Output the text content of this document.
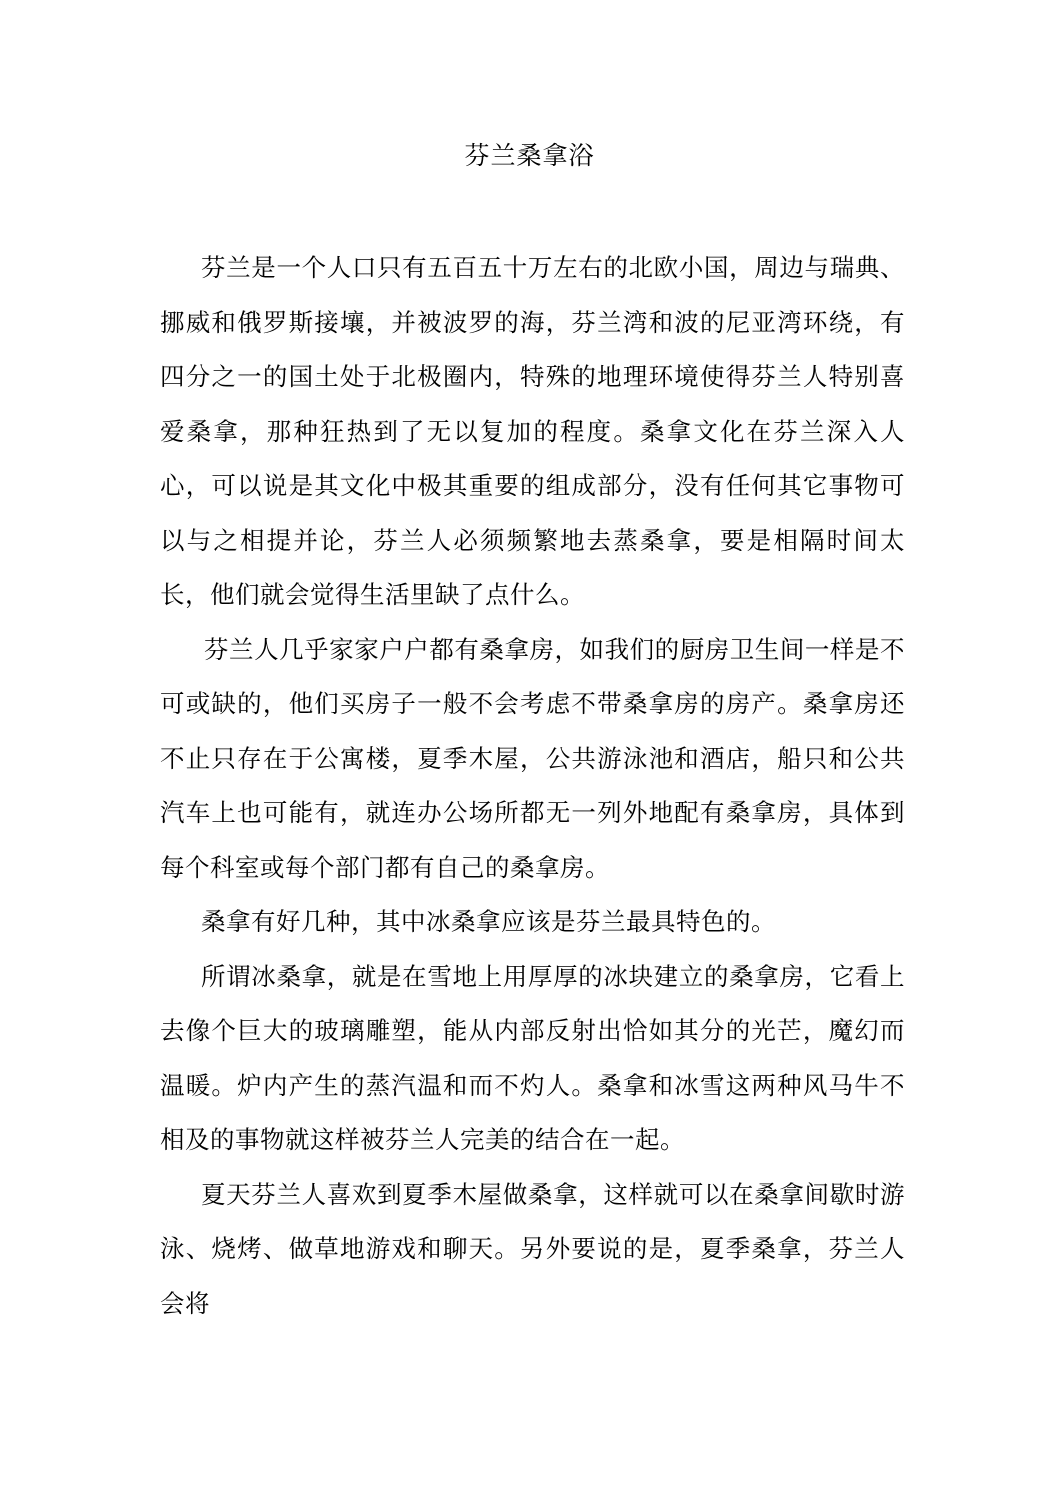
芬兰桑拿浴

芬兰是一个人口只有五百五十万左右的北欧小国，周边与瑞典、挪威和俄罗斯接壤，并被波罗的海，芬兰湾和波的尼亚湾环绕，有四分之一的国土处于北极圈内，特殊的地理环境使得芬兰人特别喜爱桑拿，那种狂热到了无以复加的程度。桑拿文化在芬兰深入人心，可以说是其文化中极其重要的组成部分，没有任何其它事物可以与之相提并论，芬兰人必须频繁地去蒸桑拿，要是相隔时间太长，他们就会觉得生活里缺了点什么。

芬兰人几乎家家户户都有桑拿房，如我们的厨房卫生间一样是不可或缺的，他们买房子一般不会考虑不带桑拿房的房产。桑拿房还不止只存在于公寓楼，夏季木屋，公共游泳池和酒店，船只和公共汽车上也可能有，就连办公场所都无一列外地配有桑拿房，具体到每个科室或每个部门都有自己的桑拿房。

桑拿有好几种，其中冰桑拿应该是芬兰最具特色的。

所谓冰桑拿，就是在雪地上用厚厚的冰块建立的桑拿房，它看上去像个巨大的玻璃雕塑，能从内部反射出恰如其分的光芒，魔幻而温暖。炉内产生的蒸汽温和而不灼人。桑拿和冰雪这两种风马牛不相及的事物就这样被芬兰人完美的结合在一起。

夏天芬兰人喜欢到夏季木屋做桑拿，这样就可以在桑拿间歇时游泳、烧烤、做草地游戏和聊天。另外要说的是，夏季桑拿，芬兰人会将
